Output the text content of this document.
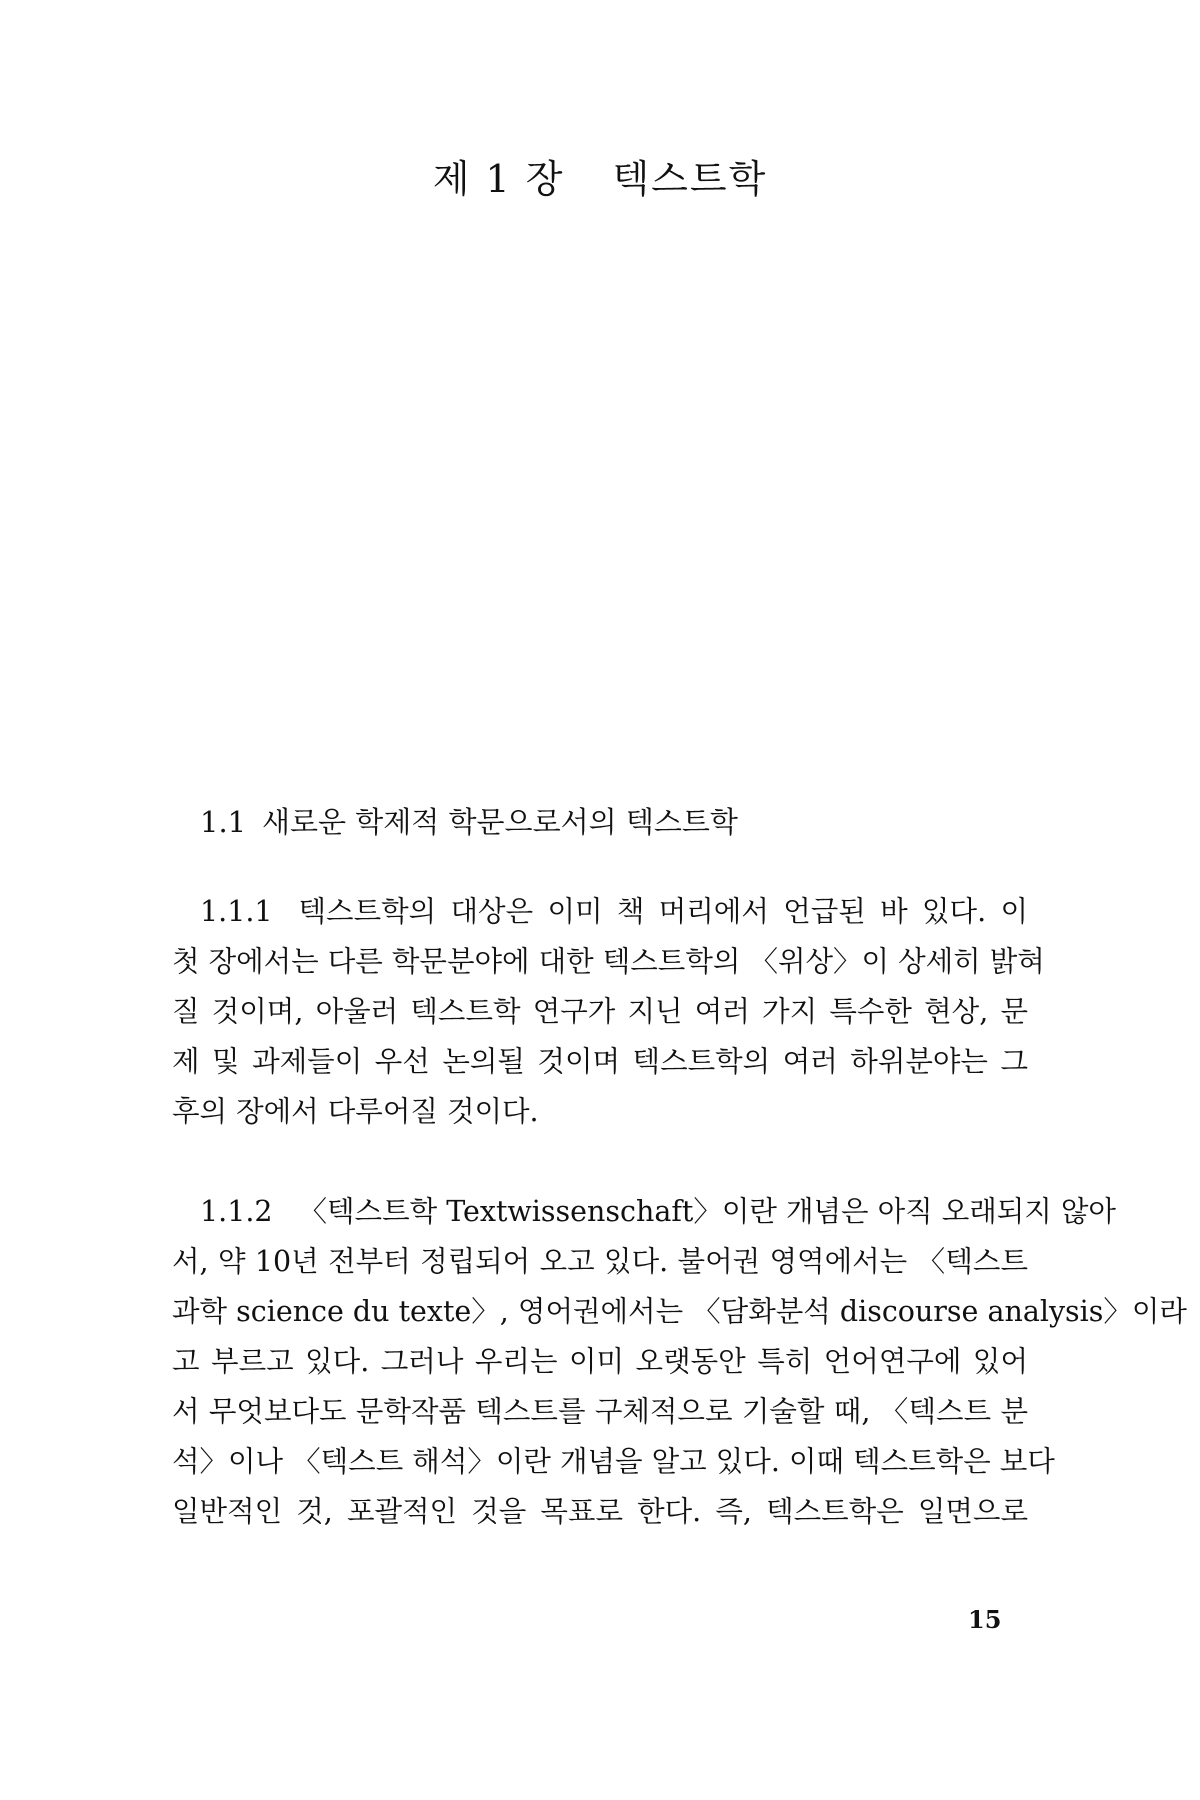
제 1 장 텍스트학
1.1 새로운 학제적 학문으로서의 텍스트학
1.1.1 텍스트학의 대상은 이미 책 머리에서 언급된 바 있다. 이
첫 장에서는 다른 학문분야에 대한 텍스트학의 〈위상〉이 상세히 밝혀
질 것이며, 아울러 텍스트학 연구가 지닌 여러 가지 특수한 현상, 문
제 및 과제들이 우선 논의될 것이며 텍스트학의 여러 하위분야는 그
후의 장에서 다루어질 것이다.
1.1.2 〈텍스트학 Textwissenschaft〉이란 개념은 아직 오래되지 않아
서, 약 10년 전부터 정립되어 오고 있다. 불어권 영역에서는 〈텍스트
과학 science du texte〉, 영어권에서는 〈담화분석 discourse analysis〉이라
고 부르고 있다. 그러나 우리는 이미 오랫동안 특히 언어연구에 있어
서 무엇보다도 문학작품 텍스트를 구체적으로 기술할 때, 〈텍스트 분
석〉이나 〈텍스트 해석〉이란 개념을 알고 있다. 이때 텍스트학은 보다
일반적인 것, 포괄적인 것을 목표로 한다. 즉, 텍스트학은 일면으로
15
